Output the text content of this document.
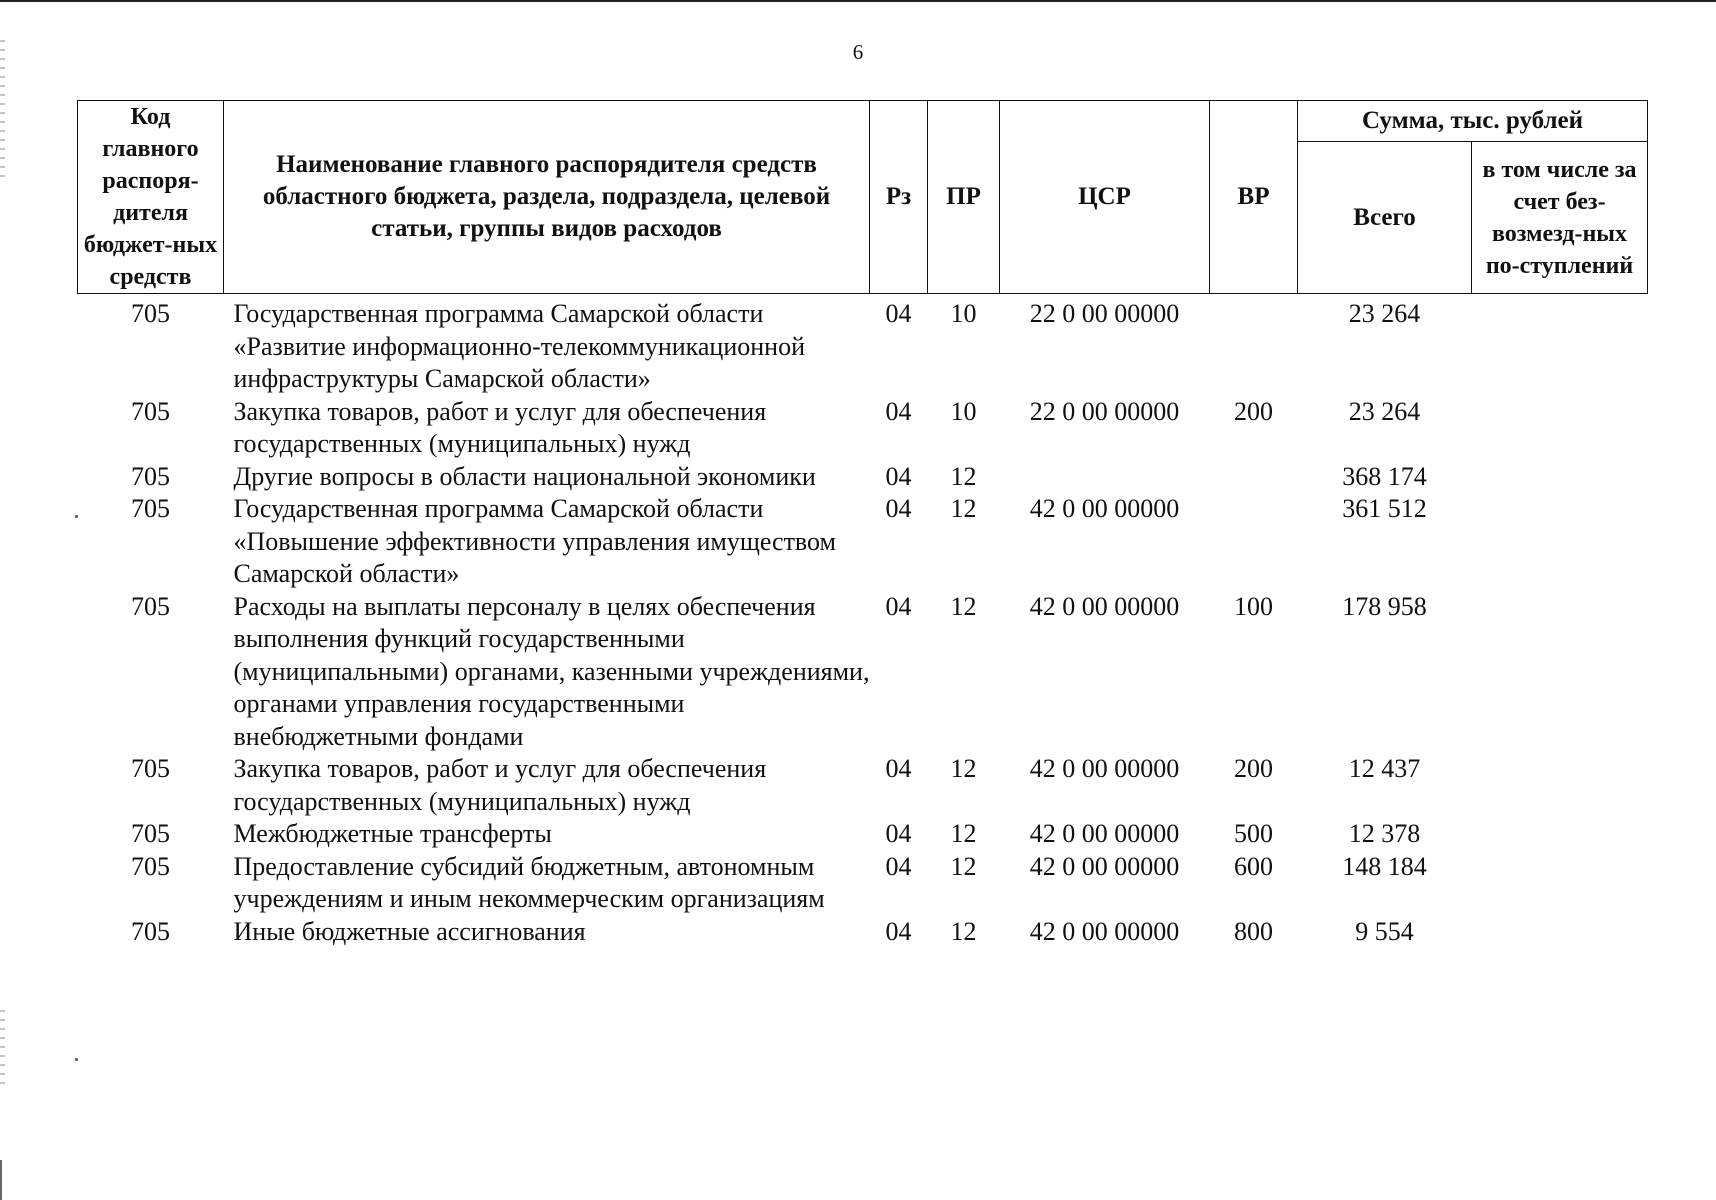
6
Код главного распоря-дителя бюджет-ных средств	Наименование главного распорядителя средств областного бюджета, раздела, подраздела, целевой статьи, группы видов расходов	Рз	ПР	ЦСР	ВР	Сумма, тыс. рублей	
						Всего	в том числе за счет без-возмезд-ных по-ступлений
705	Государственная программа Самарской области «Развитие информационно-телекоммуникационной инфраструктуры Самарской области»	04	10	22 0 00 00000		23 264	
705	Закупка товаров, работ и услуг для обеспечения государственных (муниципальных) нужд	04	10	22 0 00 00000	200	23 264	
705	Другие вопросы в области национальной экономики	04	12			368 174	
705	Государственная программа Самарской области «Повышение эффективности управления имуществом Самарской области»	04	12	42 0 00 00000		361 512	
705	Расходы на выплаты персоналу в целях обеспечения выполнения функций государственными (муниципальными) органами, казенными учреждениями, органами управления государственными внебюджетными фондами	04	12	42 0 00 00000	100	178 958	
705	Закупка товаров, работ и услуг для обеспечения государственных (муниципальных) нужд	04	12	42 0 00 00000	200	12 437	
705	Межбюджетные трансферты	04	12	42 0 00 00000	500	12 378	
705	Предоставление субсидий бюджетным, автономным учреждениям и иным некоммерческим организациям	04	12	42 0 00 00000	600	148 184	
705	Иные бюджетные ассигнования	04	12	42 0 00 00000	800	9 554	
